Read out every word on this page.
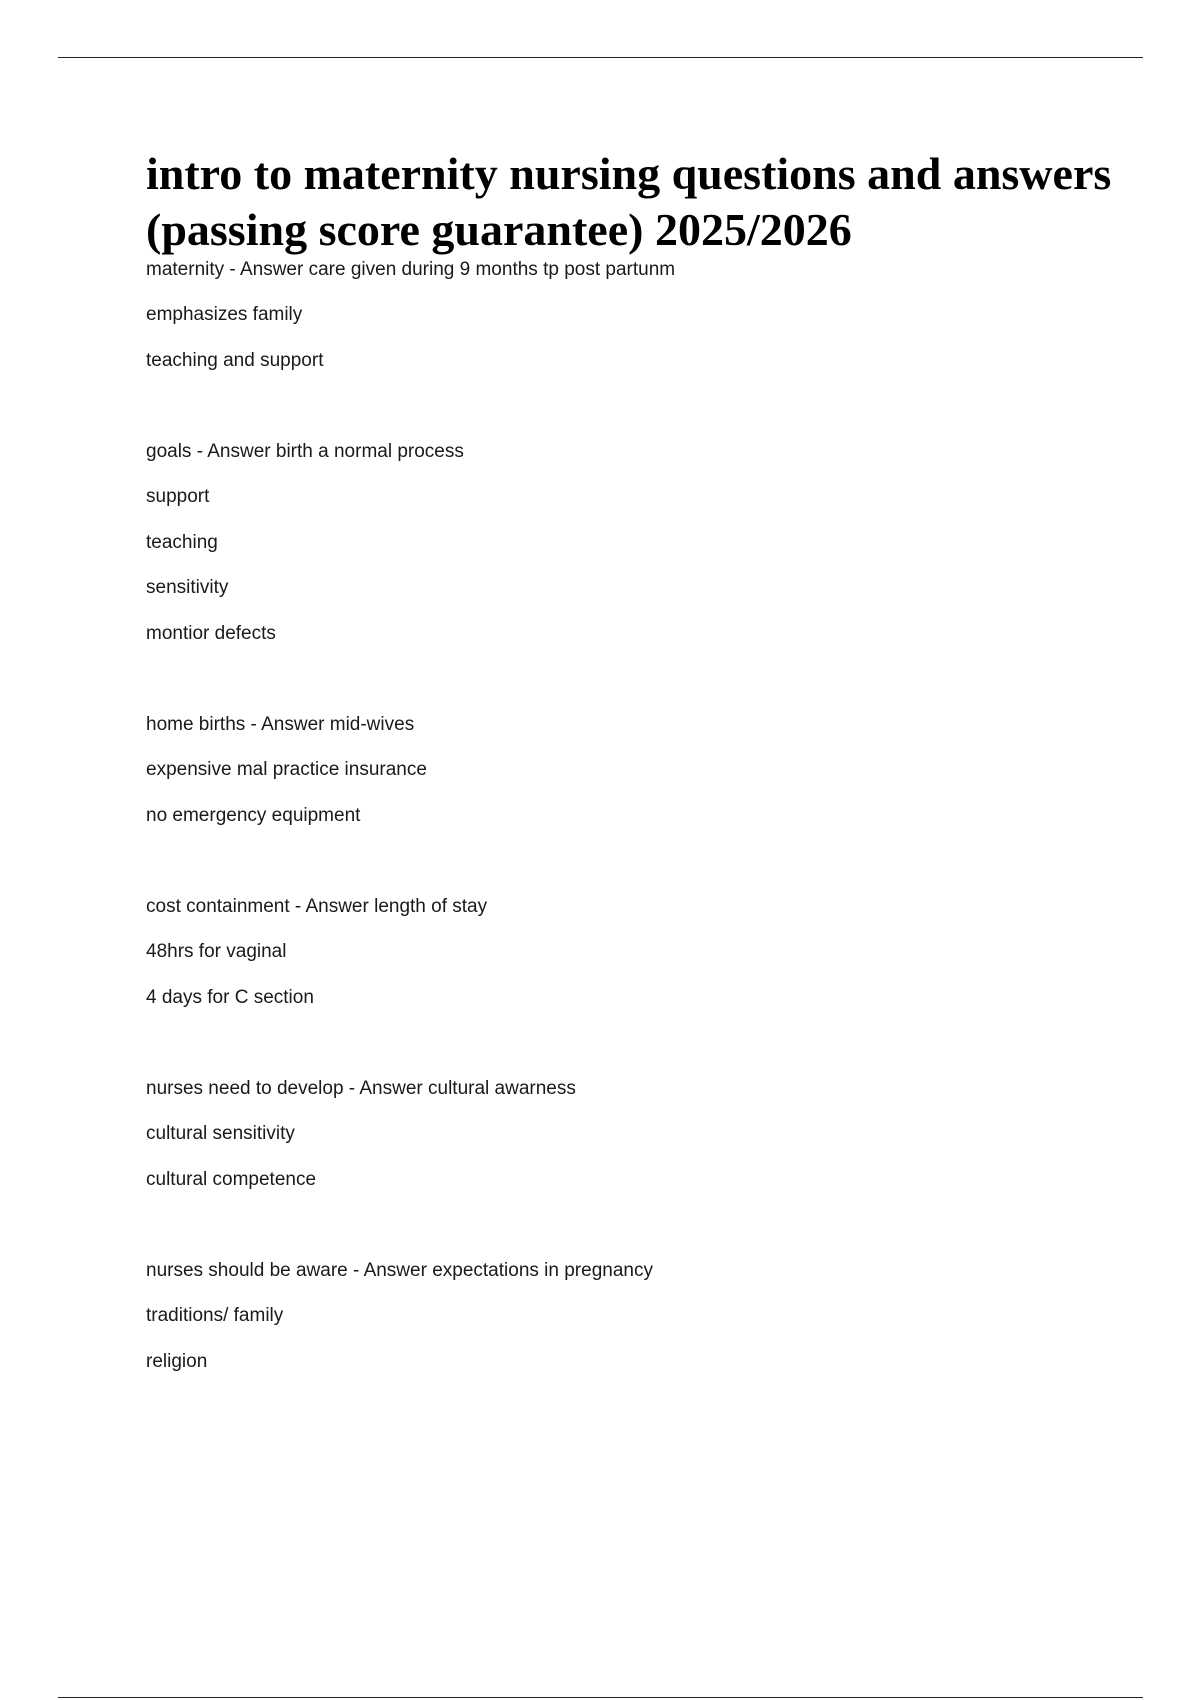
intro to maternity nursing questions and answers (passing score guarantee) 2025/2026

maternity - Answer care given during 9 months tp post partunm

emphasizes family

teaching and support

goals - Answer birth a normal process

support

teaching

sensitivity

montior defects

home births - Answer mid-wives

expensive mal practice insurance

no emergency equipment

cost containment - Answer length of stay

48hrs for vaginal

4 days for C section

nurses need to develop - Answer cultural awarness

cultural sensitivity

cultural competence

nurses should be aware - Answer expectations in pregnancy

traditions/ family

religion
